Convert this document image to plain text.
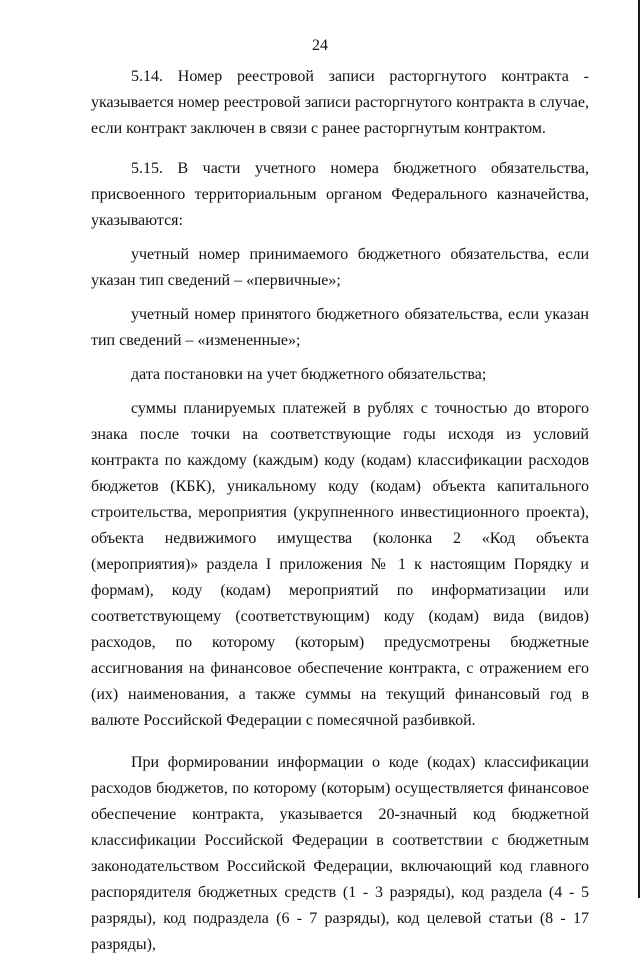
24

5.14. Номер реестровой записи расторгнутого контракта - указывается номер реестровой записи расторгнутого контракта в случае, если контракт заключен в связи с ранее расторгнутым контрактом.

5.15. В части учетного номера бюджетного обязательства, присвоенного территориальным органом Федерального казначейства, указываются:

учетный номер принимаемого бюджетного обязательства, если указан тип сведений – «первичные»;

учетный номер принятого бюджетного обязательства, если указан тип сведений – «измененные»;

дата постановки на учет бюджетного обязательства;

суммы планируемых платежей в рублях с точностью до второго знака после точки на соответствующие годы исходя из условий контракта по каждому (каждым) коду (кодам) классификации расходов бюджетов (КБК), уникальному коду (кодам) объекта капитального строительства, мероприятия (укрупненного инвестиционного проекта), объекта недвижимого имущества (колонка 2 «Код объекта (мероприятия)» раздела I приложения № 1 к настоящим Порядку и формам), коду (кодам) мероприятий по информатизации или соответствующему (соответствующим) коду (кодам) вида (видов) расходов, по которому (которым) предусмотрены бюджетные ассигнования на финансовое обеспечение контракта, с отражением его (их) наименования, а также суммы на текущий финансовый год в валюте Российской Федерации с помесячной разбивкой.

При формировании информации о коде (кодах) классификации расходов бюджетов, по которому (которым) осуществляется финансовое обеспечение контракта, указывается 20-значный код бюджетной классификации Российской Федерации в соответствии с бюджетным законодательством Российской Федерации, включающий код главного распорядителя бюджетных средств (1 - 3 разряды), код раздела (4 - 5 разряды), код подраздела (6 - 7 разряды), код целевой статьи (8 - 17 разряды),
